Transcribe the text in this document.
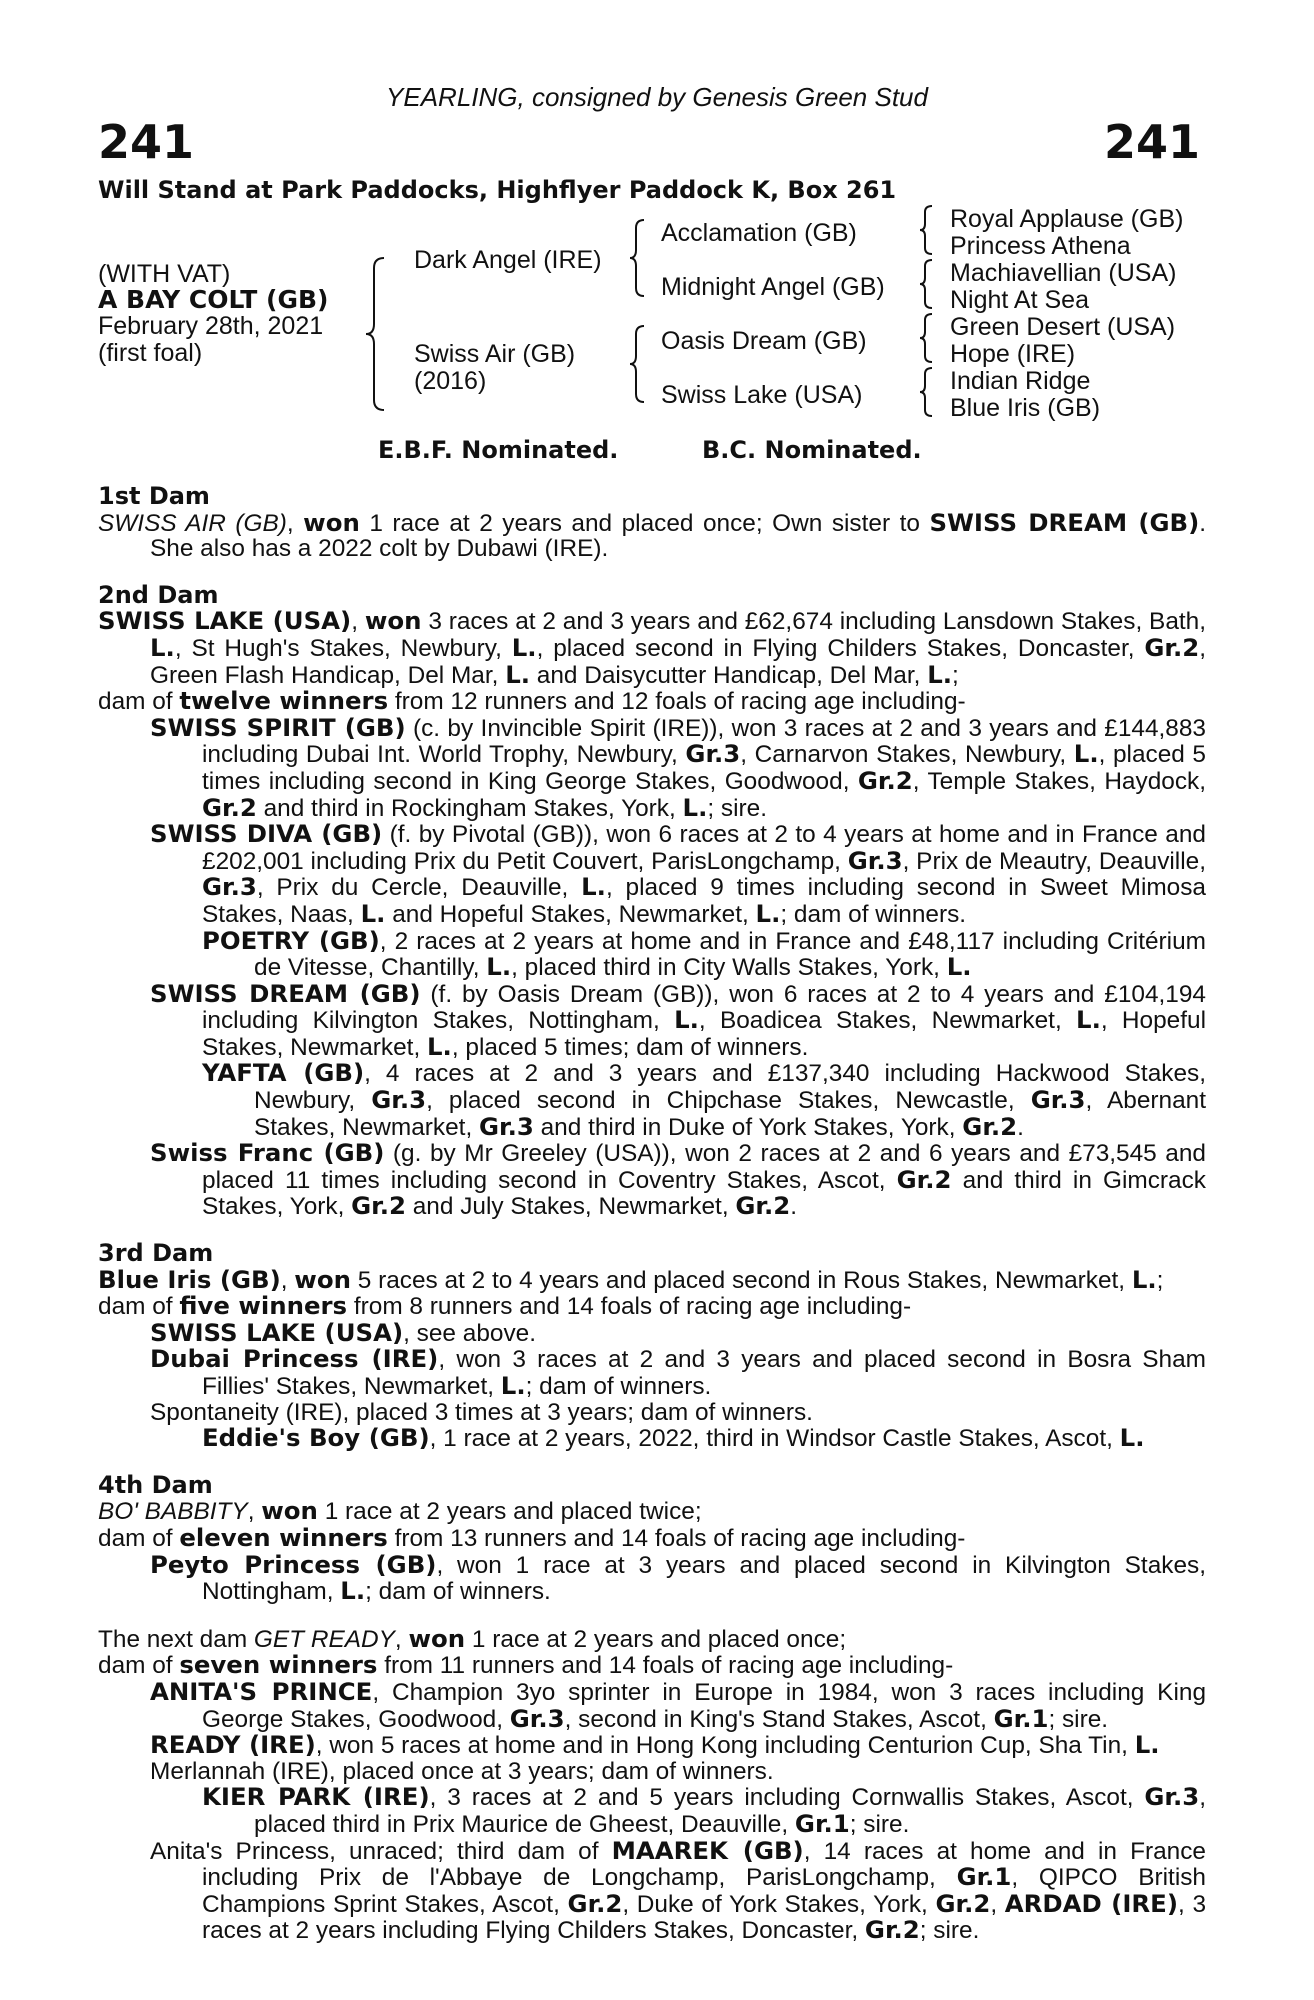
YEARLING, consigned by Genesis Green Stud
241	241
Will Stand at Park Paddocks, Highflyer Paddock K, Box 261
(WITH VAT)
A BAY COLT (GB)
February 28th, 2021
(first foal)
Dark Angel (IRE)
Swiss Air (GB)
(2016)
Acclamation (GB)
Midnight Angel (GB)
Oasis Dream (GB)
Swiss Lake (USA)
Royal Applause (GB)
Princess Athena
Machiavellian (USA)
Night At Sea
Green Desert (USA)
Hope (IRE)
Indian Ridge
Blue Iris (GB)
E.B.F. Nominated.	B.C. Nominated.
1st Dam
SWISS AIR (GB), won 1 race at 2 years and placed once; Own sister to SWISS DREAM (GB). She also has a 2022 colt by Dubawi (IRE).
2nd Dam
SWISS LAKE (USA), won 3 races at 2 and 3 years and £62,674 including Lansdown Stakes, Bath, L., St Hugh's Stakes, Newbury, L., placed second in Flying Childers Stakes, Doncaster, Gr.2, Green Flash Handicap, Del Mar, L. and Daisycutter Handicap, Del Mar, L.;
dam of twelve winners from 12 runners and 12 foals of racing age including-
SWISS SPIRIT (GB) (c. by Invincible Spirit (IRE)), won 3 races at 2 and 3 years and £144,883 including Dubai Int. World Trophy, Newbury, Gr.3, Carnarvon Stakes, Newbury, L., placed 5 times including second in King George Stakes, Goodwood, Gr.2, Temple Stakes, Haydock, Gr.2 and third in Rockingham Stakes, York, L.; sire.
SWISS DIVA (GB) (f. by Pivotal (GB)), won 6 races at 2 to 4 years at home and in France and £202,001 including Prix du Petit Couvert, ParisLongchamp, Gr.3, Prix de Meautry, Deauville, Gr.3, Prix du Cercle, Deauville, L., placed 9 times including second in Sweet Mimosa Stakes, Naas, L. and Hopeful Stakes, Newmarket, L.; dam of winners.
POETRY (GB), 2 races at 2 years at home and in France and £48,117 including Critérium de Vitesse, Chantilly, L., placed third in City Walls Stakes, York, L.
SWISS DREAM (GB) (f. by Oasis Dream (GB)), won 6 races at 2 to 4 years and £104,194 including Kilvington Stakes, Nottingham, L., Boadicea Stakes, Newmarket, L., Hopeful Stakes, Newmarket, L., placed 5 times; dam of winners.
YAFTA (GB), 4 races at 2 and 3 years and £137,340 including Hackwood Stakes, Newbury, Gr.3, placed second in Chipchase Stakes, Newcastle, Gr.3, Abernant Stakes, Newmarket, Gr.3 and third in Duke of York Stakes, York, Gr.2.
Swiss Franc (GB) (g. by Mr Greeley (USA)), won 2 races at 2 and 6 years and £73,545 and placed 11 times including second in Coventry Stakes, Ascot, Gr.2 and third in Gimcrack Stakes, York, Gr.2 and July Stakes, Newmarket, Gr.2.
3rd Dam
Blue Iris (GB), won 5 races at 2 to 4 years and placed second in Rous Stakes, Newmarket, L.;
dam of five winners from 8 runners and 14 foals of racing age including-
SWISS LAKE (USA), see above.
Dubai Princess (IRE), won 3 races at 2 and 3 years and placed second in Bosra Sham Fillies' Stakes, Newmarket, L.; dam of winners.
Spontaneity (IRE), placed 3 times at 3 years; dam of winners.
Eddie's Boy (GB), 1 race at 2 years, 2022, third in Windsor Castle Stakes, Ascot, L.
4th Dam
BO' BABBITY, won 1 race at 2 years and placed twice;
dam of eleven winners from 13 runners and 14 foals of racing age including-
Peyto Princess (GB), won 1 race at 3 years and placed second in Kilvington Stakes, Nottingham, L.; dam of winners.
The next dam GET READY, won 1 race at 2 years and placed once;
dam of seven winners from 11 runners and 14 foals of racing age including-
ANITA'S PRINCE, Champion 3yo sprinter in Europe in 1984, won 3 races including King George Stakes, Goodwood, Gr.3, second in King's Stand Stakes, Ascot, Gr.1; sire.
READY (IRE), won 5 races at home and in Hong Kong including Centurion Cup, Sha Tin, L.
Merlannah (IRE), placed once at 3 years; dam of winners.
KIER PARK (IRE), 3 races at 2 and 5 years including Cornwallis Stakes, Ascot, Gr.3, placed third in Prix Maurice de Gheest, Deauville, Gr.1; sire.
Anita's Princess, unraced; third dam of MAAREK (GB), 14 races at home and in France including Prix de l'Abbaye de Longchamp, ParisLongchamp, Gr.1, QIPCO British Champions Sprint Stakes, Ascot, Gr.2, Duke of York Stakes, York, Gr.2, ARDAD (IRE), 3 races at 2 years including Flying Childers Stakes, Doncaster, Gr.2; sire.
